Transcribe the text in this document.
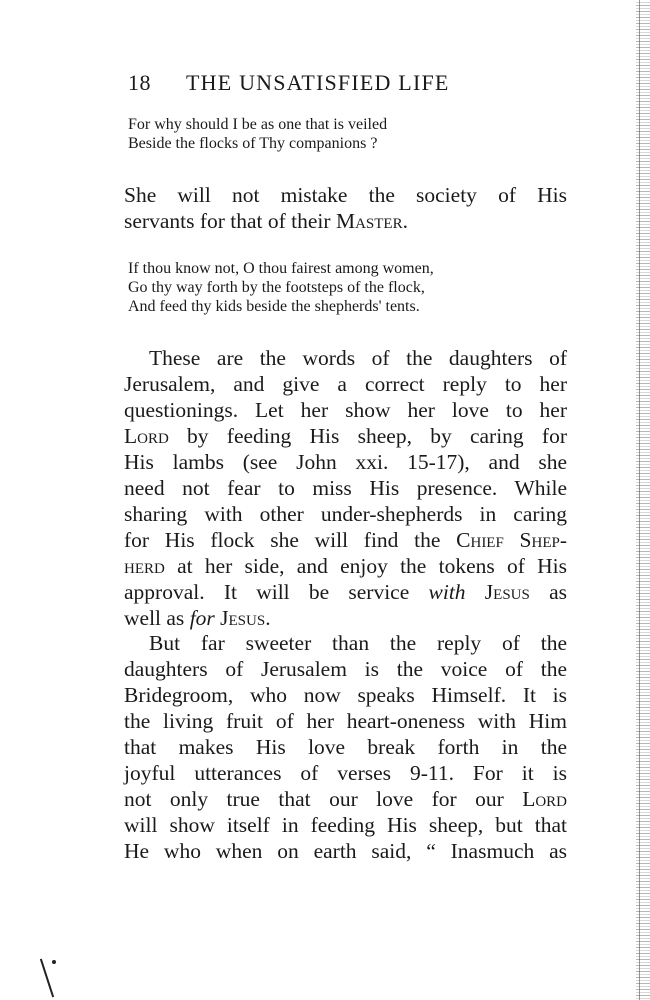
18 THE UNSATISFIED LIFE
For why should I be as one that is veiled
Beside the flocks of Thy companions ?
She will not mistake the society of His
servants for that of their Master.
If thou know not, O thou fairest among women,
Go thy way forth by the footsteps of the flock,
And feed thy kids beside the shepherds' tents.
These are the words of the daughters of
Jerusalem, and give a correct reply to her
questionings. Let her show her love to her
Lord by feeding His sheep, by caring for
His lambs (see John xxi. 15-17), and she
need not fear to miss His presence. While
sharing with other under-shepherds in caring
for His flock she will find the Chief Shep-
herd at her side, and enjoy the tokens of His
approval. It will be service with Jesus as
well as for Jesus.
But far sweeter than the reply of the
daughters of Jerusalem is the voice of the
Bridegroom, who now speaks Himself. It is
the living fruit of her heart-oneness with Him
that makes His love break forth in the
joyful utterances of verses 9-11. For it is
not only true that our love for our Lord
will show itself in feeding His sheep, but that
He who when on earth said, “ Inasmuch as
